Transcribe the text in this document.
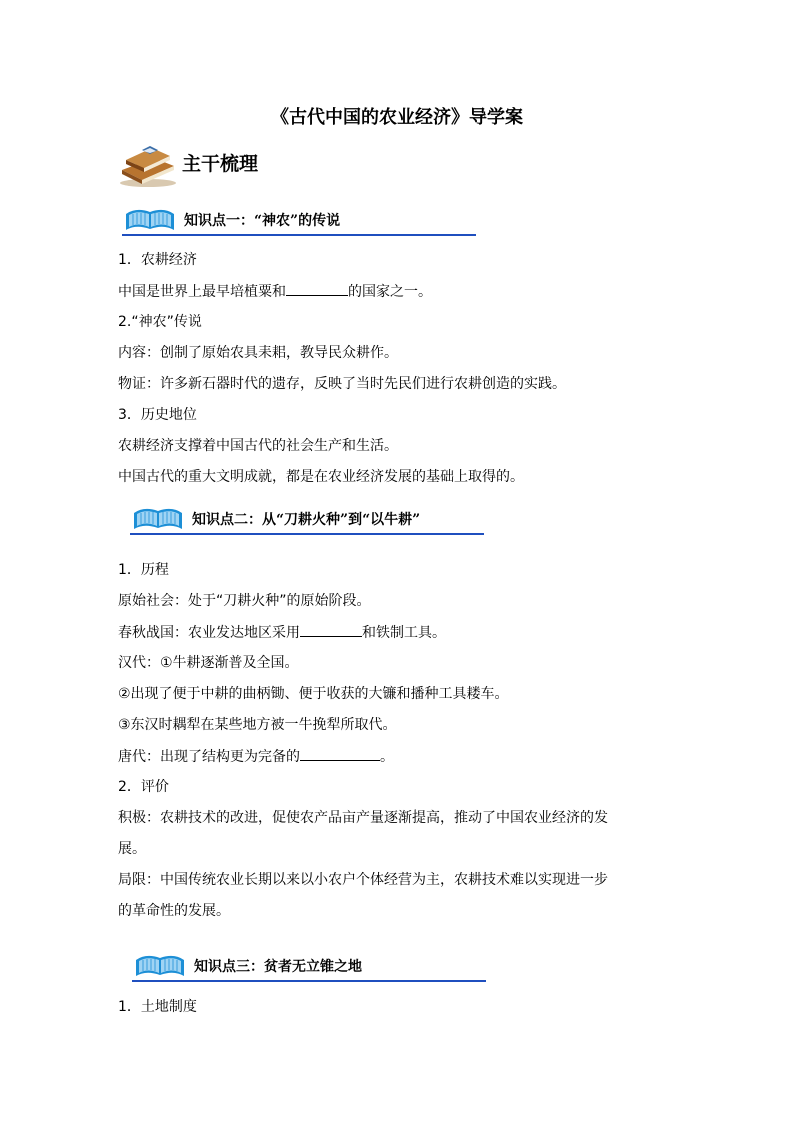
《古代中国的农业经济》导学案
主干梳理
知识点一：“神农”的传说
1．农耕经济
中国是世界上最早培植粟和	的国家之一。
2.“神农”传说
内容：创制了原始农具耒耜，教导民众耕作。
物证：许多新石器时代的遗存，反映了当时先民们进行农耕创造的实践。
3．历史地位
农耕经济支撑着中国古代的社会生产和生活。
中国古代的重大文明成就，都是在农业经济发展的基础上取得的。
知识点二：从“刀耕火种”到“以牛耕”
1．历程
原始社会：处于“刀耕火种”的原始阶段。
春秋战国：农业发达地区采用	和铁制工具。
汉代：①牛耕逐渐普及全国。
②出现了便于中耕的曲柄锄、便于收获的大镰和播种工具耧车。
③东汉时耦犁在某些地方被一牛挽犁所取代。
唐代：出现了结构更为完备的	。
2．评价
积极：农耕技术的改进，促使农产品亩产量逐渐提高，推动了中国农业经济的发
展。
局限：中国传统农业长期以来以小农户个体经营为主，农耕技术难以实现进一步
的革命性的发展。
知识点三：贫者无立锥之地
1．土地制度
